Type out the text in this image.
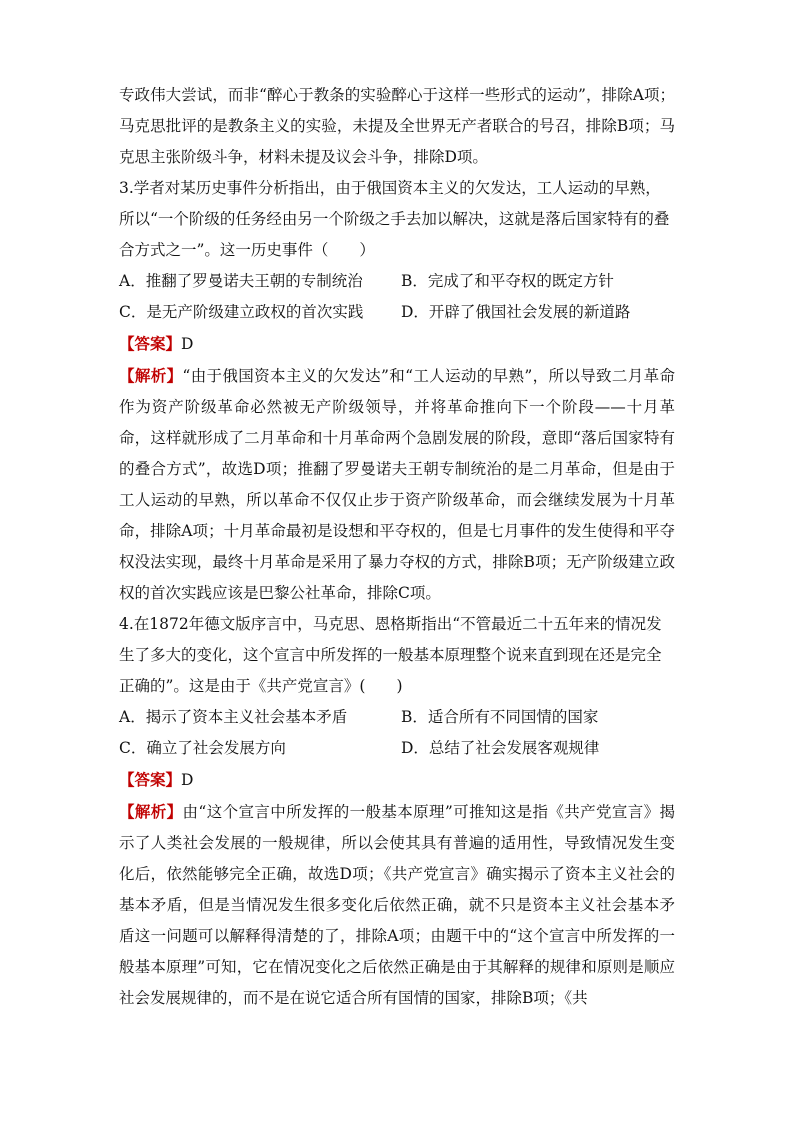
专政伟大尝试，而非“醉心于教条的实验醉心于这样一些形式的运动”，排除A项；马克思批评的是教条主义的实验，未提及全世界无产者联合的号召，排除B项；马克思主张阶级斗争，材料未提及议会斗争，排除D项。

3.学者对某历史事件分析指出，由于俄国资本主义的欠发达，工人运动的早熟，所以“一个阶级的任务经由另一个阶级之手去加以解决，这就是落后国家特有的叠合方式之一”。这一历史事件（　　）

A．推翻了罗曼诺夫王朝的专制统治	B．完成了和平夺权的既定方针
C．是无产阶级建立政权的首次实践	D．开辟了俄国社会发展的新道路

【答案】D

【解析】“由于俄国资本主义的欠发达”和“工人运动的早熟”，所以导致二月革命作为资产阶级革命必然被无产阶级领导，并将革命推向下一个阶段——十月革命，这样就形成了二月革命和十月革命两个急剧发展的阶段，意即“落后国家特有的叠合方式”，故选D项；推翻了罗曼诺夫王朝专制统治的是二月革命，但是由于工人运动的早熟，所以革命不仅仅止步于资产阶级革命，而会继续发展为十月革命，排除A项；十月革命最初是设想和平夺权的，但是七月事件的发生使得和平夺权没法实现，最终十月革命是采用了暴力夺权的方式，排除B项；无产阶级建立政权的首次实践应该是巴黎公社革命，排除C项。

4.在1872年德文版序言中，马克思、恩格斯指出“不管最近二十五年来的情况发生了多大的变化，这个宣言中所发挥的一般基本原理整个说来直到现在还是完全正确的”。这是由于《共产党宣言》(　　)

A．揭示了资本主义社会基本矛盾	B．适合所有不同国情的国家
C．确立了社会发展方向	D．总结了社会发展客观规律

【答案】D

【解析】由“这个宣言中所发挥的一般基本原理”可推知这是指《共产党宣言》揭示了人类社会发展的一般规律，所以会使其具有普遍的适用性，导致情况发生变化后，依然能够完全正确，故选D项；《共产党宣言》确实揭示了资本主义社会的基本矛盾，但是当情况发生很多变化后依然正确，就不只是资本主义社会基本矛盾这一问题可以解释得清楚的了，排除A项；由题干中的“这个宣言中所发挥的一般基本原理”可知，它在情况变化之后依然正确是由于其解释的规律和原则是顺应社会发展规律的，而不是在说它适合所有国情的国家，排除B项；《共
